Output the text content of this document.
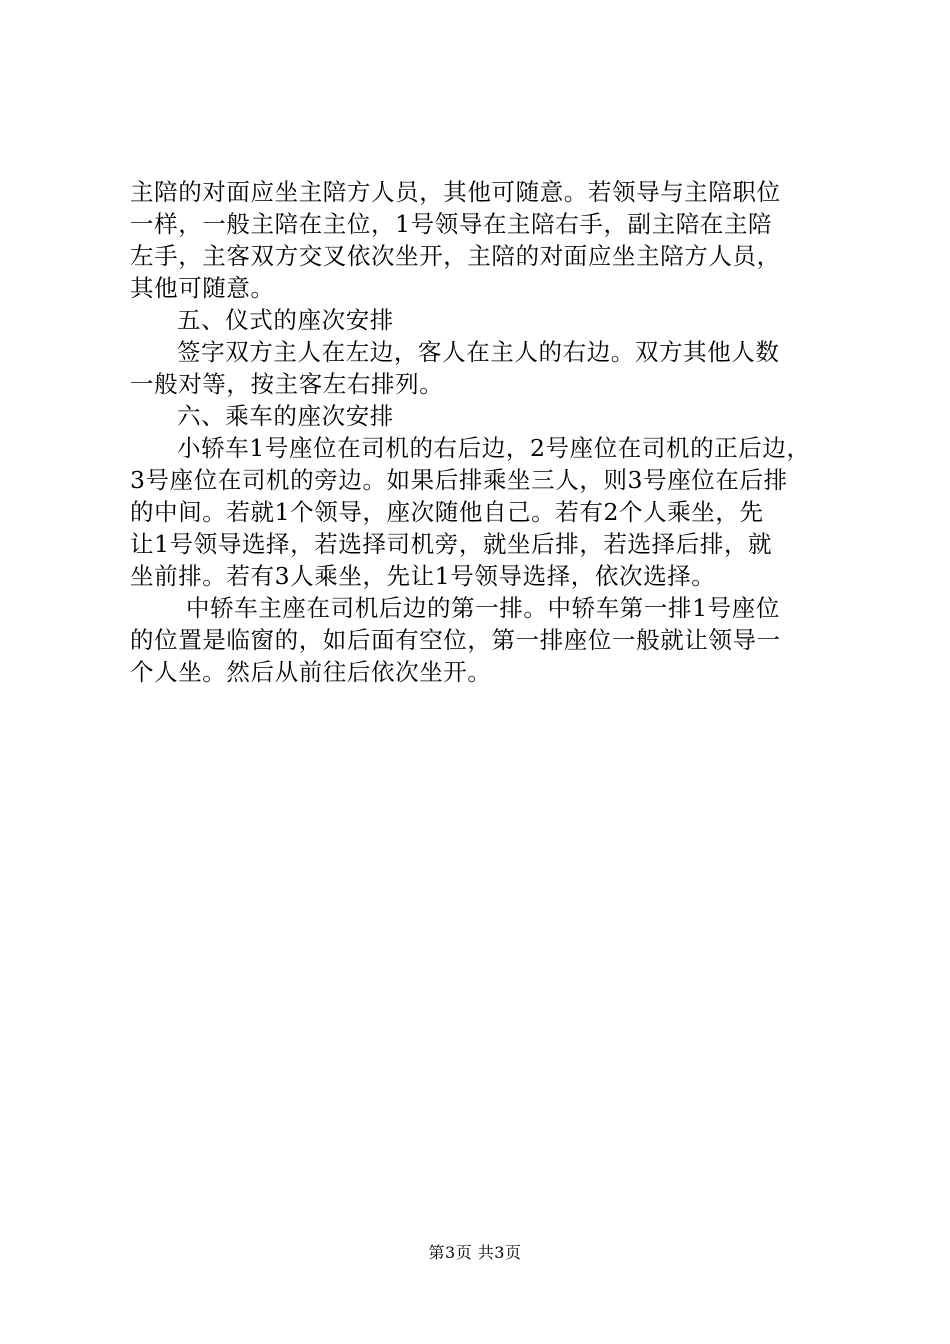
主陪的对面应坐主陪方人员，其他可随意。若领导与主陪职位
一样，一般主陪在主位，1号领导在主陪右手，副主陪在主陪
左手，主客双方交叉依次坐开，主陪的对面应坐主陪方人员，
其他可随意。
五、仪式的座次安排
签字双方主人在左边，客人在主人的右边。双方其他人数
一般对等，按主客左右排列。
六、乘车的座次安排
小轿车1号座位在司机的右后边，2号座位在司机的正后边，
3号座位在司机的旁边。如果后排乘坐三人，则3号座位在后排
的中间。若就1个领导，座次随他自己。若有2个人乘坐，先
让1号领导选择，若选择司机旁，就坐后排，若选择后排，就
坐前排。若有3人乘坐，先让1号领导选择，依次选择。
中轿车主座在司机后边的第一排。中轿车第一排1号座位
的位置是临窗的，如后面有空位，第一排座位一般就让领导一
个人坐。然后从前往后依次坐开。
第3页 共3页
